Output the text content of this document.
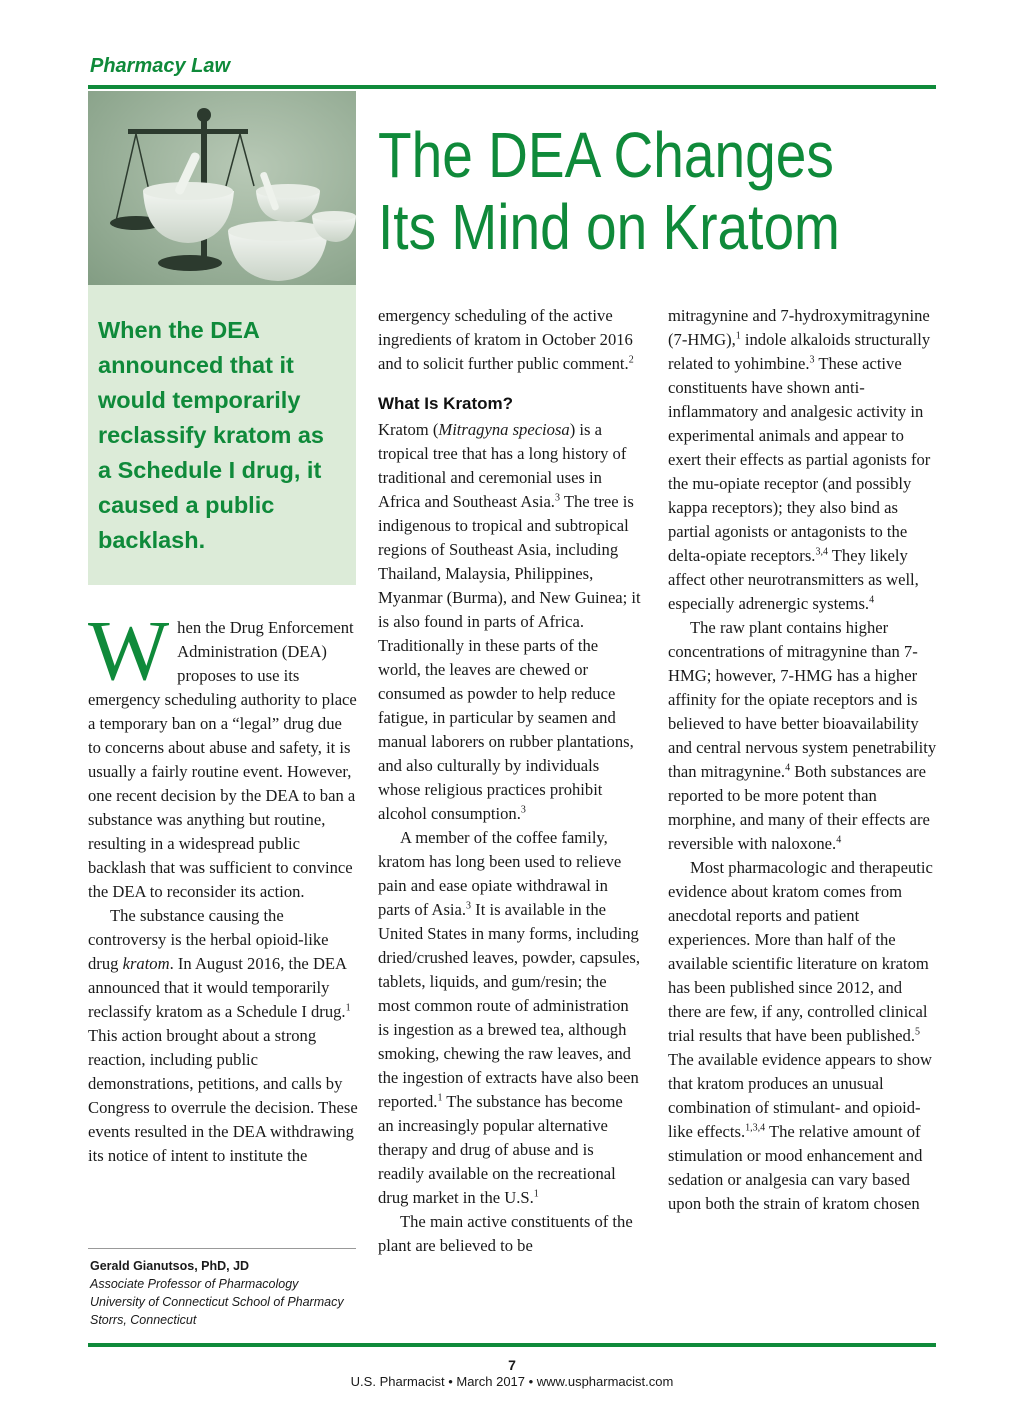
Pharmacy Law
The DEA Changes
Its Mind on Kratom
When the DEA announced that it would temporarily reclassify kratom as a Schedule I drug, it caused a public backlash.

When the Drug Enforcement Administration (DEA) proposes to use its emergency scheduling authority to place a temporary ban on a “legal” drug due to concerns about abuse and safety, it is usually a fairly routine event. However, one recent decision by the DEA to ban a substance was anything but routine, resulting in a widespread public backlash that was sufficient to convince the DEA to reconsider its action.

The substance causing the controversy is the herbal opioid-like drug kratom. In August 2016, the DEA announced that it would temporarily reclassify kratom as a Schedule I drug.$^1$ This action brought about a strong reaction, including public demonstrations, petitions, and calls by Congress to overrule the decision. These events resulted in the DEA withdrawing its notice of intent to institute the

Gerald Gianutsos, PhD, JD
Associate Professor of Pharmacology
University of Connecticut School of Pharmacy
Storrs, Connecticut

emergency scheduling of the active ingredients of kratom in October 2016 and to solicit further public comment.$^2$

What Is Kratom?

Kratom (Mitragyna speciosa) is a tropical tree that has a long history of traditional and ceremonial uses in Africa and Southeast Asia.$^3$ The tree is indigenous to tropical and subtropical regions of Southeast Asia, including Thailand, Malaysia, Philippines, Myanmar (Burma), and New Guinea; it is also found in parts of Africa. Traditionally in these parts of the world, the leaves are chewed or consumed as powder to help reduce fatigue, in particular by seamen and manual laborers on rubber plantations, and also culturally by individuals whose religious practices prohibit alcohol consumption.$^3$

A member of the coffee family, kratom has long been used to relieve pain and ease opiate withdrawal in parts of Asia.$^3$ It is available in the United States in many forms, including dried/crushed leaves, powder, capsules, tablets, liquids, and gum/resin; the most common route of administration is ingestion as a brewed tea, although smoking, chewing the raw leaves, and the ingestion of extracts have also been reported.$^1$ The substance has become an increasingly popular alternative therapy and drug of abuse and is readily available on the recreational drug market in the U.S.$^1$

The main active constituents of the plant are believed to be

mitragynine and 7-hydroxymitragynine (7-HMG),$^1$ indole alkaloids structurally related to yohimbine.$^3$ These active constituents have shown anti-inflammatory and analgesic activity in experimental animals and appear to exert their effects as partial agonists for the mu-opiate receptor (and possibly kappa receptors); they also bind as partial agonists or antagonists to the delta-opiate receptors.$^{3,4}$ They likely affect other neurotransmitters as well, especially adrenergic systems.$^4$

The raw plant contains higher concentrations of mitragynine than 7-HMG; however, 7-HMG has a higher affinity for the opiate receptors and is believed to have better bioavailability and central nervous system penetrability than mitragynine.$^4$ Both substances are reported to be more potent than morphine, and many of their effects are reversible with naloxone.$^4$

Most pharmacologic and therapeutic evidence about kratom comes from anecdotal reports and patient experiences. More than half of the available scientific literature on kratom has been published since 2012, and there are few, if any, controlled clinical trial results that have been published.$^5$ The available evidence appears to show that kratom produces an unusual combination of stimulant- and opioid-like effects.$^{1,3,4}$ The relative amount of stimulation or mood enhancement and sedation or analgesia can vary based upon both the strain of kratom chosen

7
U.S. Pharmacist • March 2017 • www.uspharmacist.com
